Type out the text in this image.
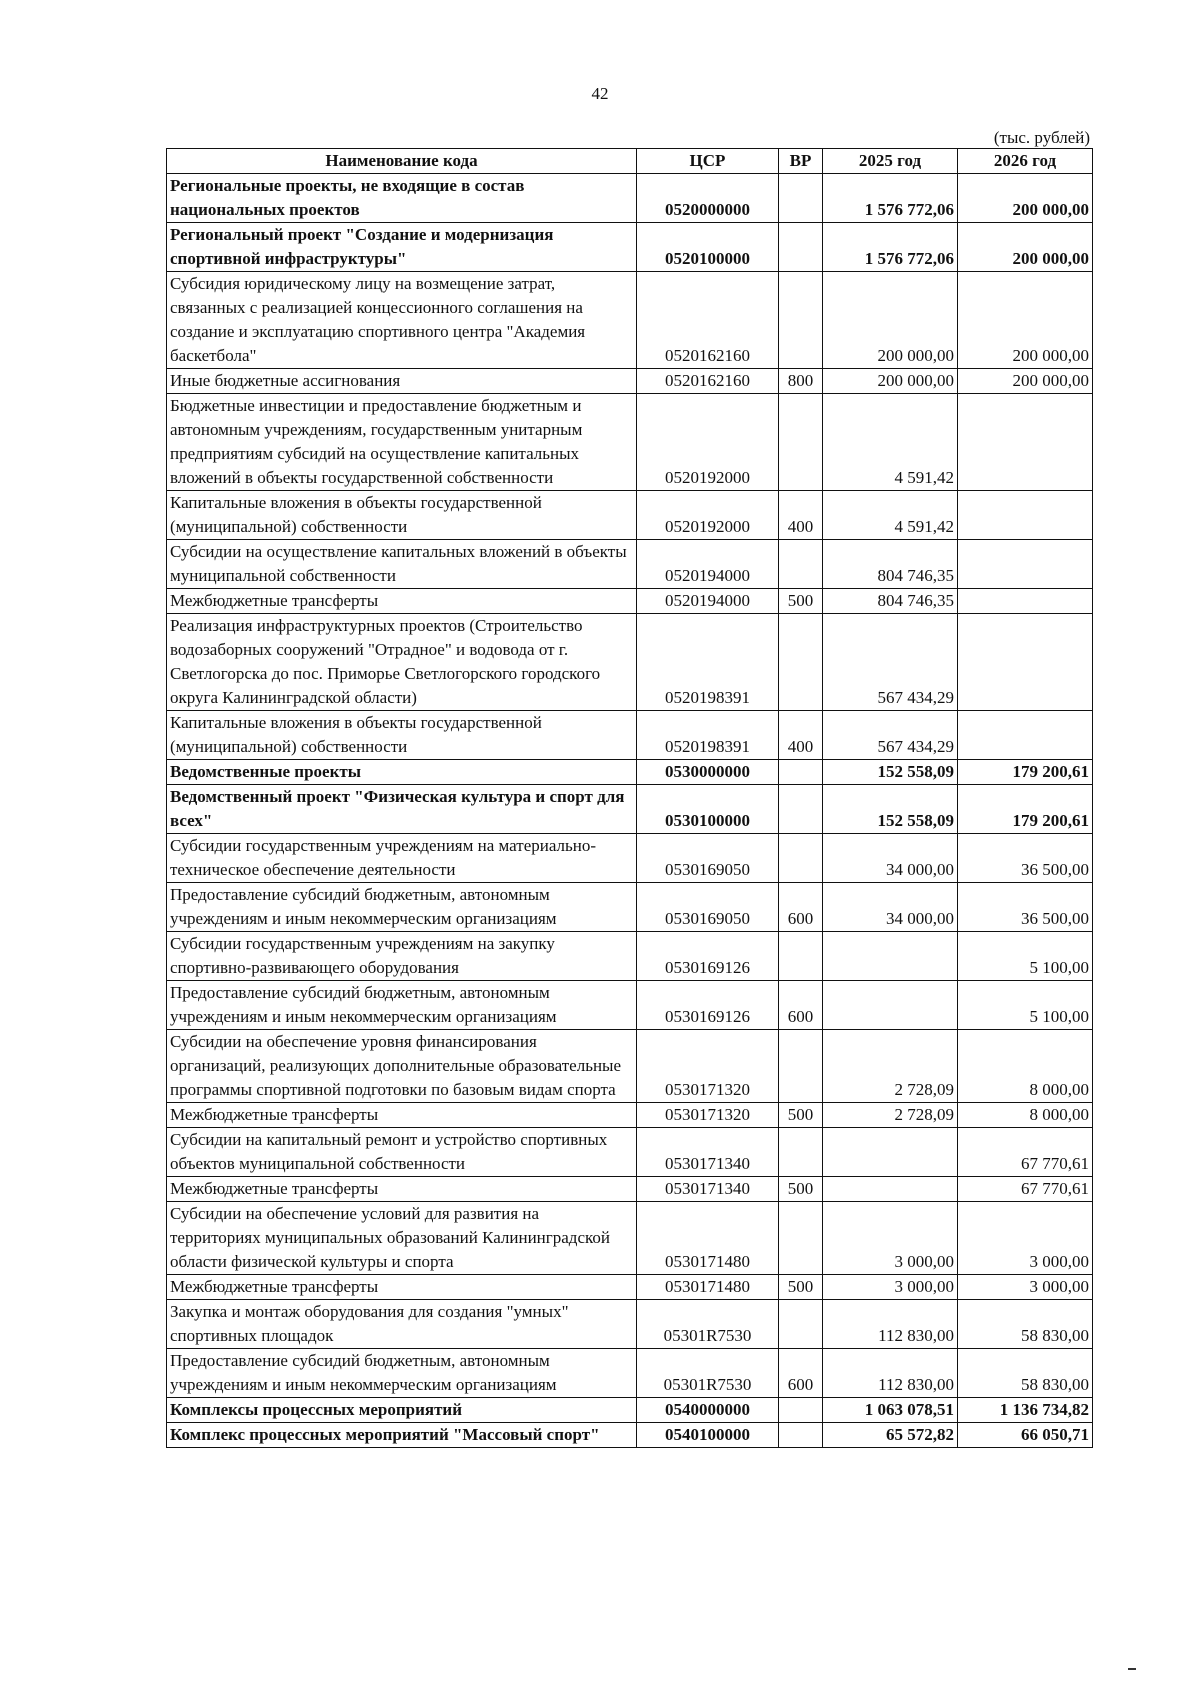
42
(тыс. рублей)
Наименование кода	ЦСР	ВР	2025 год	2026 год
Региональные проекты, не входящие в состав национальных проектов	0520000000		1 576 772,06	200 000,00
Региональный проект "Создание и модернизация спортивной инфраструктуры"	0520100000		1 576 772,06	200 000,00
Субсидия юридическому лицу на возмещение затрат, связанных с реализацией концессионного соглашения на создание и эксплуатацию спортивного центра "Академия баскетбола"	0520162160		200 000,00	200 000,00
Иные бюджетные ассигнования	0520162160	800	200 000,00	200 000,00
Бюджетные инвестиции и предоставление бюджетным и автономным учреждениям, государственным унитарным предприятиям субсидий на осуществление капитальных вложений в объекты государственной собственности	0520192000		4 591,42	
Капитальные вложения в объекты государственной (муниципальной) собственности	0520192000	400	4 591,42	
Субсидии на осуществление капитальных вложений в объекты муниципальной собственности	0520194000		804 746,35	
Межбюджетные трансферты	0520194000	500	804 746,35	
Реализация инфраструктурных проектов (Строительство водозаборных сооружений "Отрадное" и водовода от г. Светлогорска до пос. Приморье Светлогорского городского округа Калининградской области)	0520198391		567 434,29	
Капитальные вложения в объекты государственной (муниципальной) собственности	0520198391	400	567 434,29	
Ведомственные проекты	0530000000		152 558,09	179 200,61
Ведомственный проект "Физическая культура и спорт для всех"	0530100000		152 558,09	179 200,61
Субсидии государственным учреждениям на материально-техническое обеспечение деятельности	0530169050		34 000,00	36 500,00
Предоставление субсидий бюджетным, автономным учреждениям и иным некоммерческим организациям	0530169050	600	34 000,00	36 500,00
Субсидии государственным учреждениям на закупку спортивно-развивающего оборудования	0530169126			5 100,00
Предоставление субсидий бюджетным, автономным учреждениям и иным некоммерческим организациям	0530169126	600		5 100,00
Субсидии на обеспечение уровня финансирования организаций, реализующих дополнительные образовательные программы спортивной подготовки по базовым видам спорта	0530171320		2 728,09	8 000,00
Межбюджетные трансферты	0530171320	500	2 728,09	8 000,00
Субсидии на капитальный ремонт и устройство спортивных объектов муниципальной собственности	0530171340			67 770,61
Межбюджетные трансферты	0530171340	500		67 770,61
Субсидии на обеспечение условий для развития на территориях муниципальных образований Калининградской области физической культуры и спорта	0530171480		3 000,00	3 000,00
Межбюджетные трансферты	0530171480	500	3 000,00	3 000,00
Закупка и монтаж оборудования для создания "умных" спортивных площадок	05301R7530		112 830,00	58 830,00
Предоставление субсидий бюджетным, автономным учреждениям и иным некоммерческим организациям	05301R7530	600	112 830,00	58 830,00
Комплексы процессных мероприятий	0540000000		1 063 078,51	1 136 734,82
Комплекс процессных мероприятий "Массовый спорт"	0540100000		65 572,82	66 050,71
